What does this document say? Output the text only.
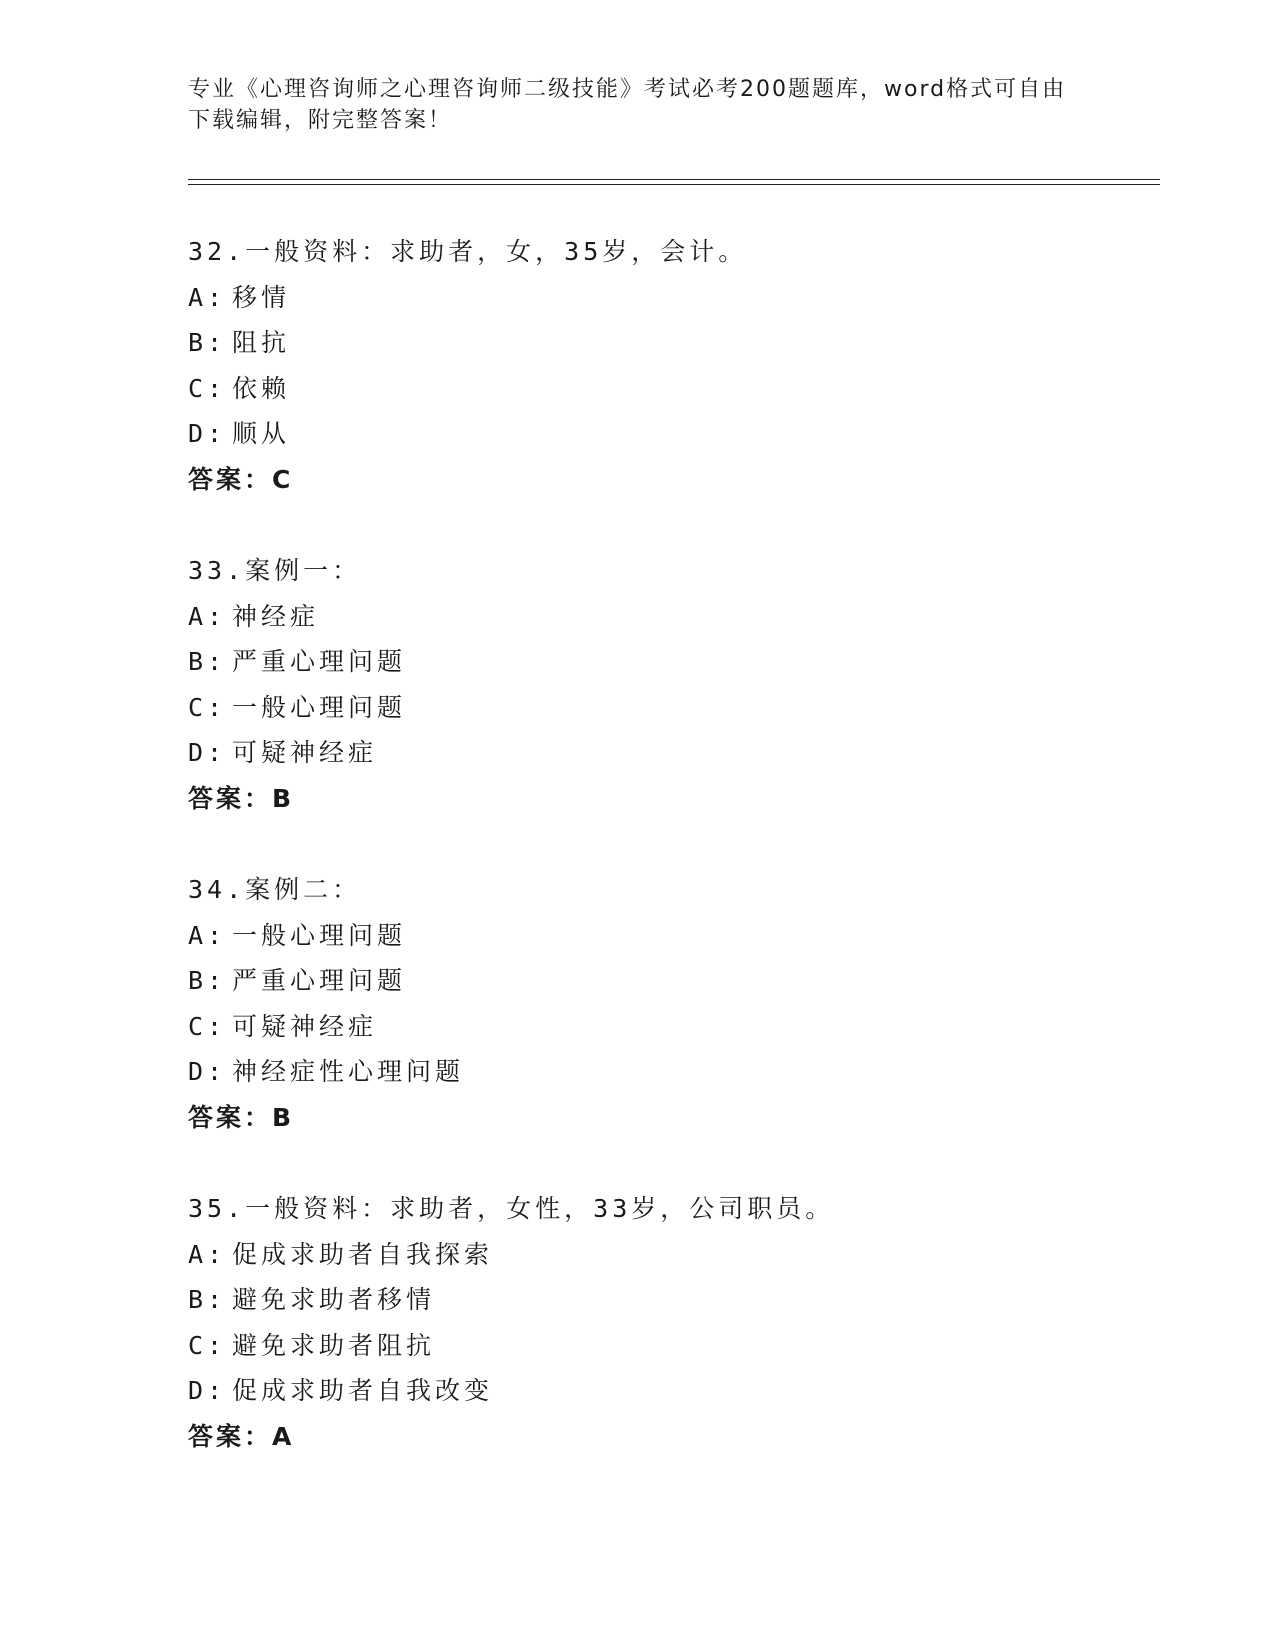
专业《心理咨询师之心理咨询师二级技能》考试必考200题题库，word格式可自由下载编辑，附完整答案！
32.一般资料：求助者，女，35岁，会计。
A: 移情
B: 阻抗
C: 依赖
D: 顺从
答案：C
33.案例一：
A: 神经症
B: 严重心理问题
C: 一般心理问题
D: 可疑神经症
答案：B
34.案例二：
A: 一般心理问题
B: 严重心理问题
C: 可疑神经症
D: 神经症性心理问题
答案：B
35.一般资料：求助者，女性，33岁，公司职员。
A: 促成求助者自我探索
B: 避免求助者移情
C: 避免求助者阻抗
D: 促成求助者自我改变
答案：A
